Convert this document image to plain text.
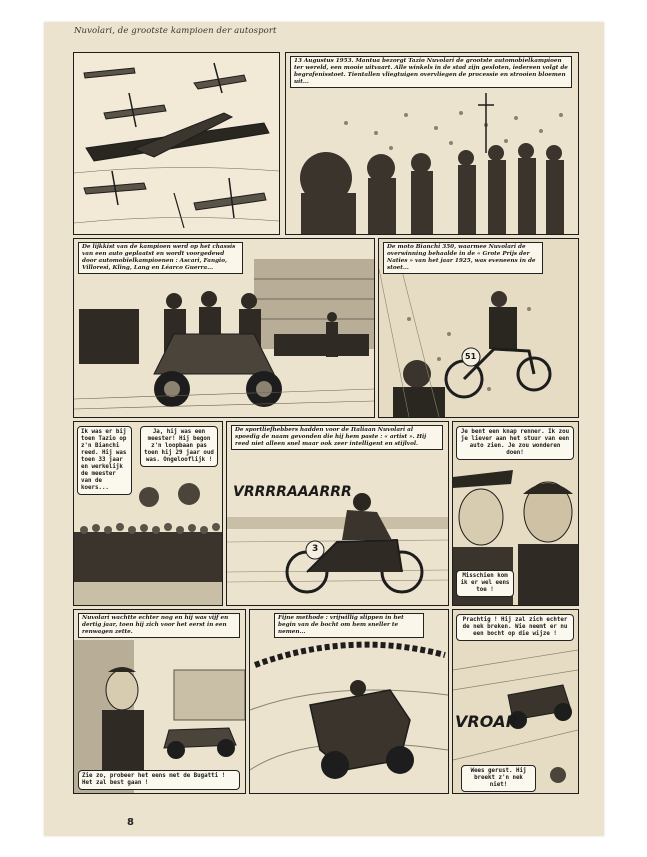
Nuvolari, de grootste kampioen der autosport
13 Augustus 1953. Mantua bezorgt Tazio Nuvolari de grootste automobielkampioen ter wereld, een mooie uitvaart. Alle winkels in de stad zijn gesloten, iedereen volgt de begrafenisstoet. Tientallen vliegtuigen overvliegen de processie en strooien bloemen uit...
De lijkkist van de kampioen werd op het chassis van een auto geplaatst en wordt voorgedewd door automobielkampioenen : Ascari, Fangio, Villoresi, Kling, Lang en Léarco Guerra...
51
De moto Bianchi 350, waarmee Nuvolari de overwinning behaalde in de « Grote Prijs der Naties » van het jaar 1925, was eveneens in de stoet...
Ik was er bij toen Tazio op z'n Bianchi reed. Hij was toen 33 jaar en werkelijk de meester van de koers...
Ja, hij was een meester! Hij begon z'n loopbaan pas toen hij 29 jaar oud was. Ongelooflijk !
De sportliefhebbers hadden voor de Italiaan Nuvolari al spoedig de naam gevonden die hij hem paste : « artist ». Hij reed niet alleen snel maar ook zeer intelligent en stijlvol.
VRRRRAAARRR
3
Je bent een knap renner. Ik zou je liever aan het stuur van een auto zien. Je zou wonderen doen!
Misschien kom ik er wel eens toe !
Nuvolari wachtte echter nog en hij was vijf en dertig jaar, toen hij zich voor het eerst in een renwagen zette.
Zie zo, probeer het eens met de Bugatti ! Het zal best gaan !
Fijne methode : vrijwillig slippen in het begin van de bocht om hem sneller te nemen...
Prachtig ! Hij zal zich echter de nek breken. Wie neemt er nu een bocht op die wijze !
VROAR
Wees gerust. Hij breekt z'n nek niet!
8
